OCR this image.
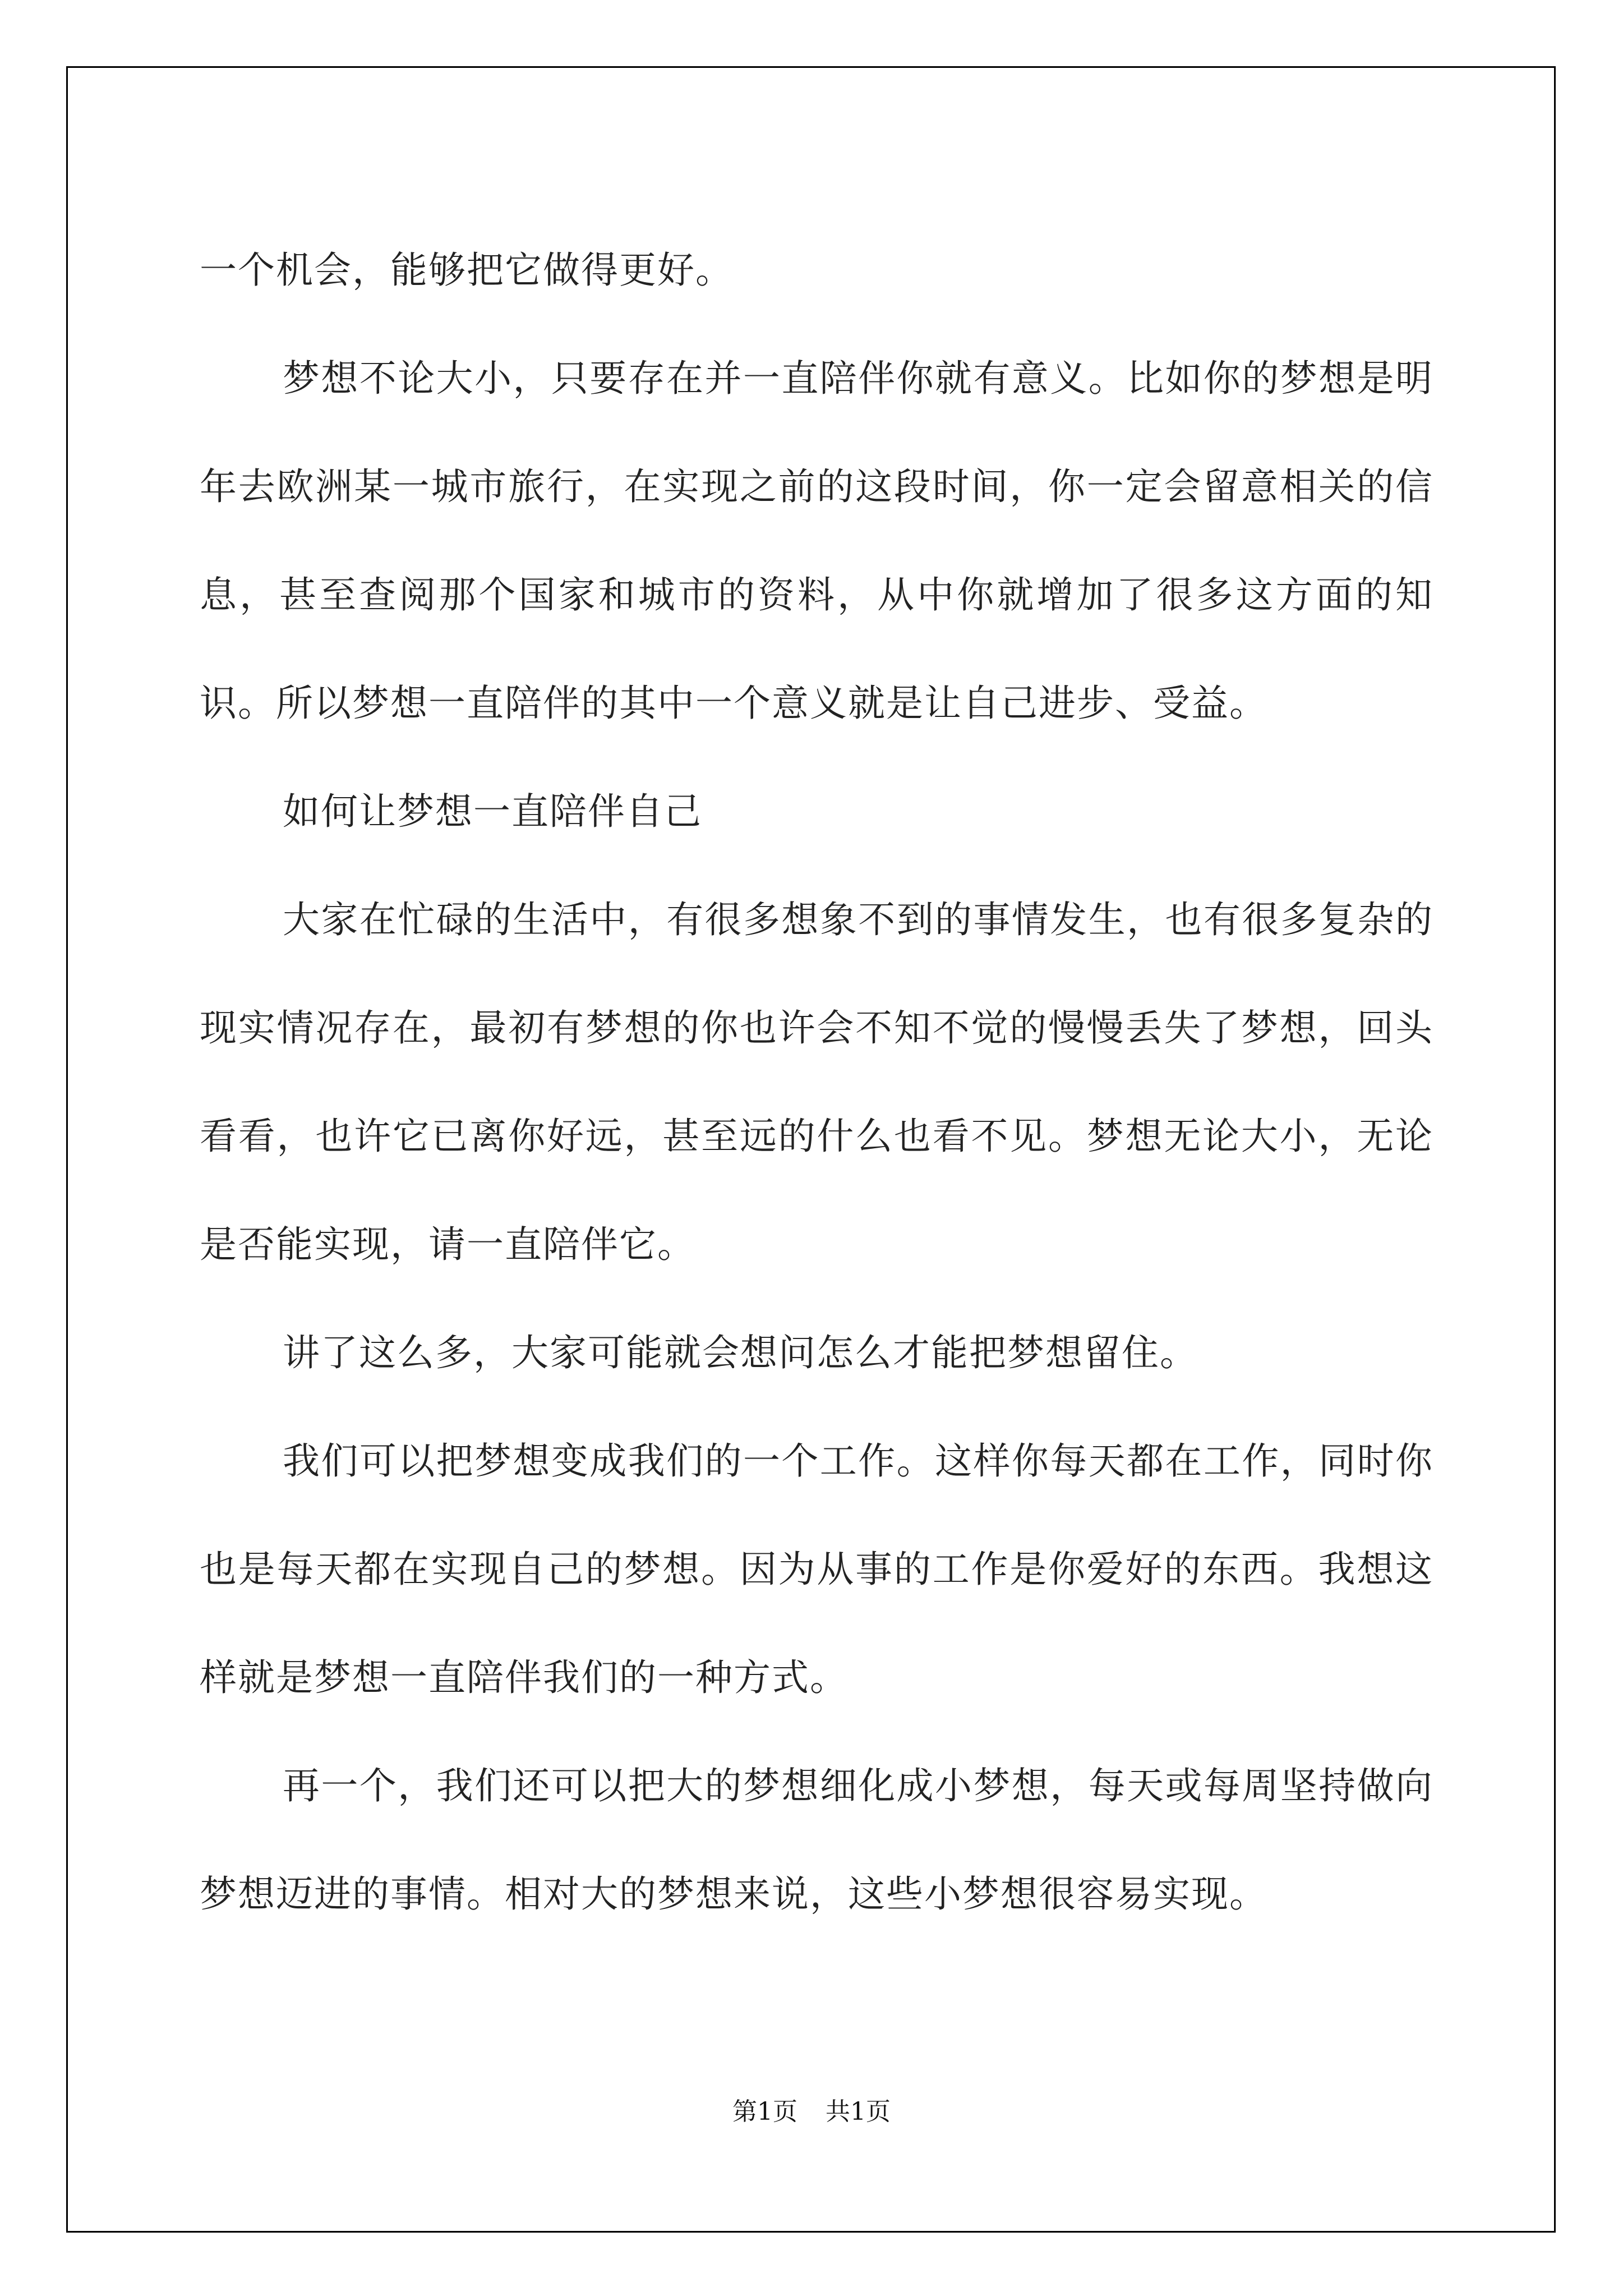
一个机会，能够把它做得更好。

梦想不论大小，只要存在并一直陪伴你就有意义。比如你的梦想是明年去欧洲某一城市旅行，在实现之前的这段时间，你一定会留意相关的信息，甚至查阅那个国家和城市的资料，从中你就增加了很多这方面的知识。所以梦想一直陪伴的其中一个意义就是让自己进步、受益。

如何让梦想一直陪伴自己

大家在忙碌的生活中，有很多想象不到的事情发生，也有很多复杂的现实情况存在，最初有梦想的你也许会不知不觉的慢慢丢失了梦想，回头看看，也许它已离你好远，甚至远的什么也看不见。梦想无论大小，无论是否能实现，请一直陪伴它。

讲了这么多，大家可能就会想问怎么才能把梦想留住。

我们可以把梦想变成我们的一个工作。这样你每天都在工作，同时你也是每天都在实现自己的梦想。因为从事的工作是你爱好的东西。我想这样就是梦想一直陪伴我们的一种方式。

再一个，我们还可以把大的梦想细化成小梦想，每天或每周坚持做向梦想迈进的事情。相对大的梦想来说，这些小梦想很容易实现。

第1页 共1页
